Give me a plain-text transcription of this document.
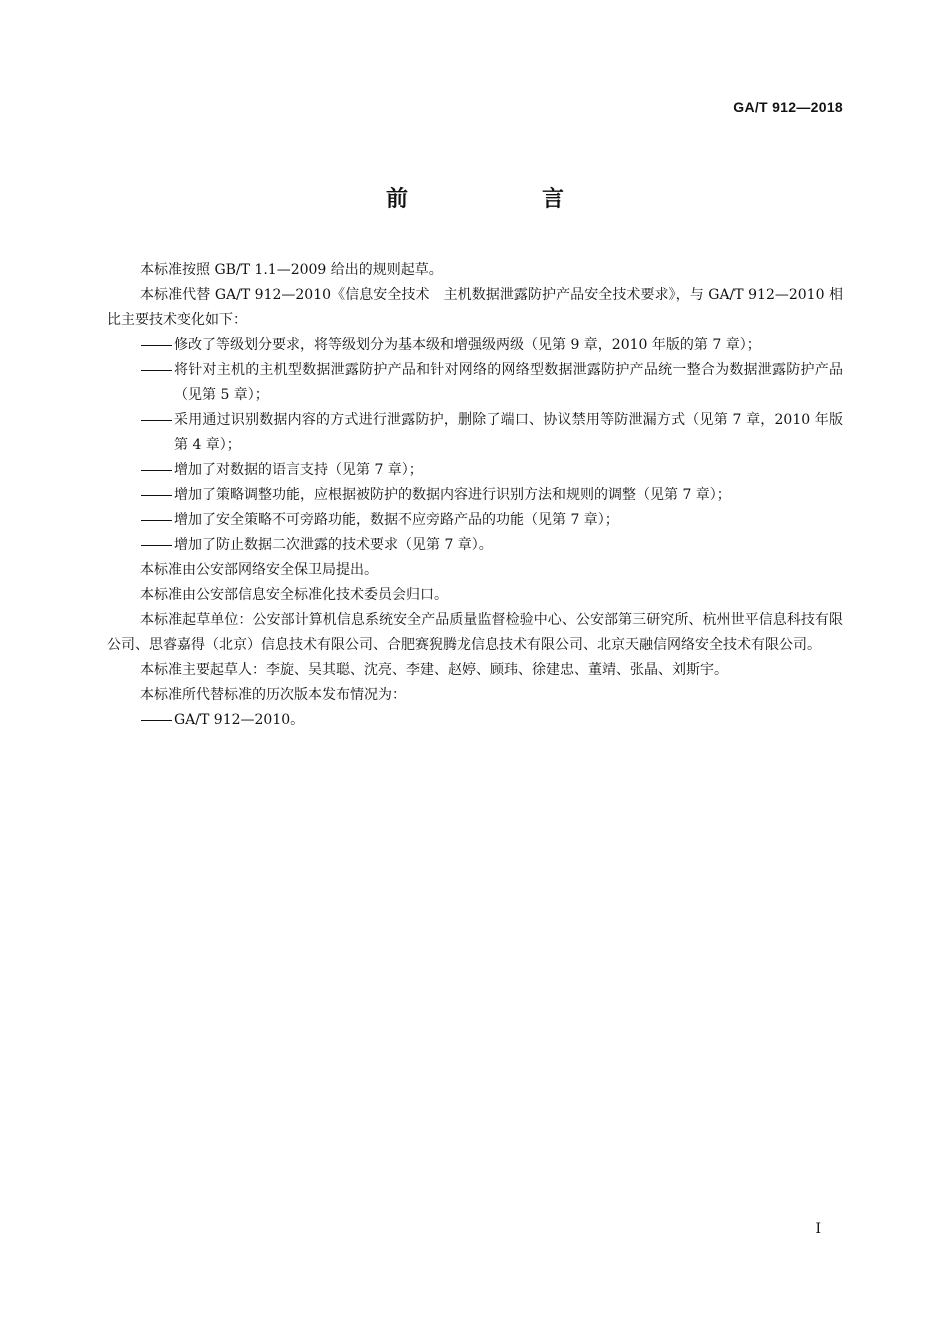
GA/T 912—2018
前　言
本标准按照 GB/T 1.1—2009 给出的规则起草。
本标准代替 GA/T 912—2010《信息安全技术　主机数据泄露防护产品安全技术要求》，与 GA/T 912—2010 相比主要技术变化如下：
修改了等级划分要求，将等级划分为基本级和增强级两级（见第 9 章，2010 年版的第 7 章）；
将针对主机的主机型数据泄露防护产品和针对网络的网络型数据泄露防护产品统一整合为数据泄露防护产品（见第 5 章）；
采用通过识别数据内容的方式进行泄露防护，删除了端口、协议禁用等防泄漏方式（见第 7 章，2010 年版第 4 章）；
增加了对数据的语言支持（见第 7 章）；
增加了策略调整功能，应根据被防护的数据内容进行识别方法和规则的调整（见第 7 章）；
增加了安全策略不可旁路功能，数据不应旁路产品的功能（见第 7 章）；
增加了防止数据二次泄露的技术要求（见第 7 章）。
本标准由公安部网络安全保卫局提出。
本标准由公安部信息安全标准化技术委员会归口。
本标准起草单位：公安部计算机信息系统安全产品质量监督检验中心、公安部第三研究所、杭州世平信息科技有限公司、思睿嘉得（北京）信息技术有限公司、合肥赛猊腾龙信息技术有限公司、北京天融信网络安全技术有限公司。
本标准主要起草人：李旋、吴其聪、沈亮、李建、赵婷、顾玮、徐建忠、董靖、张晶、刘斯宇。
本标准所代替标准的历次版本发布情况为：
GA/T 912—2010。
I
